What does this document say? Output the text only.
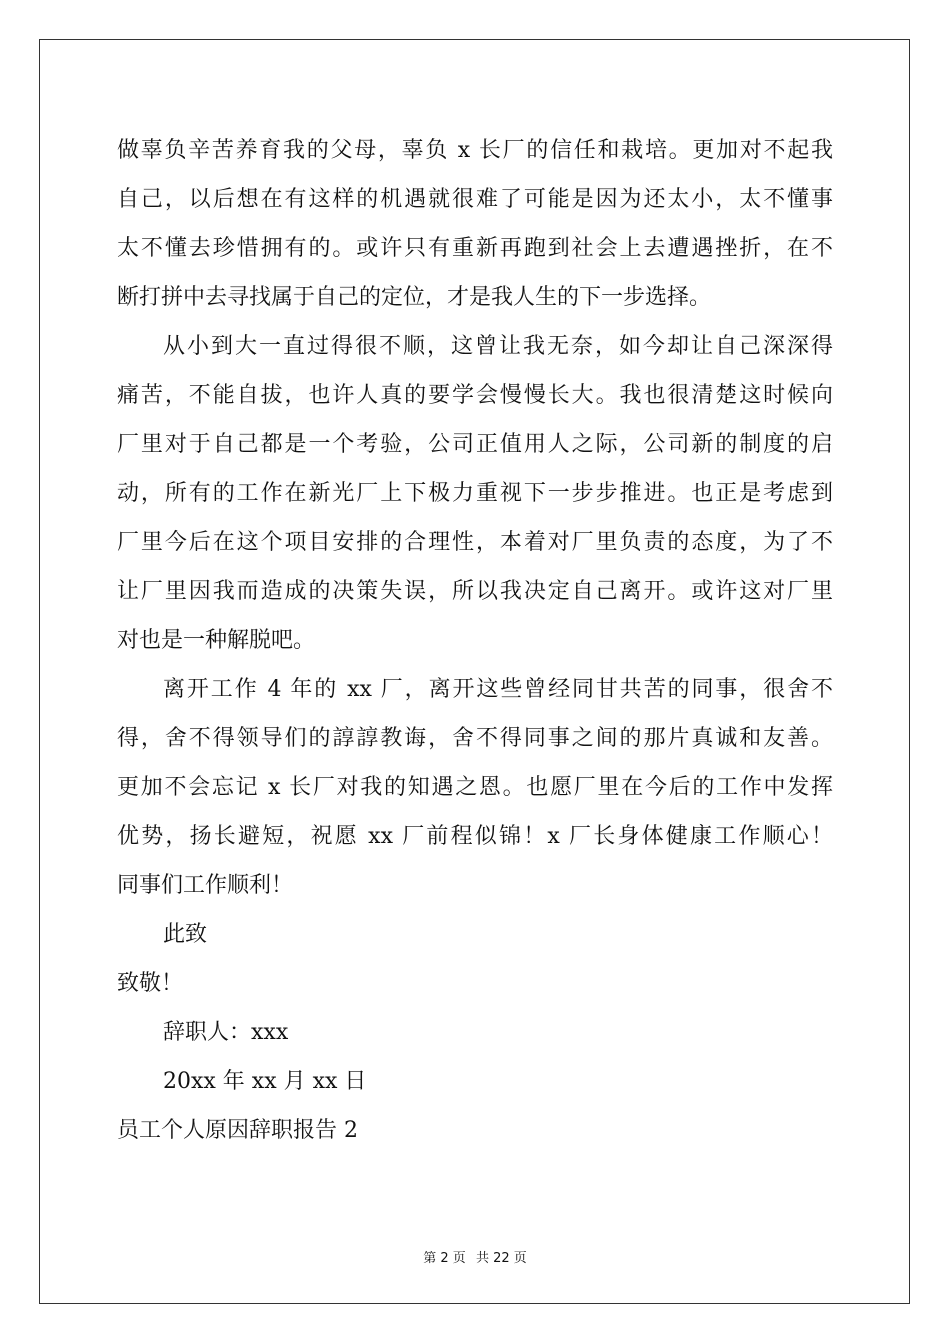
做辜负辛苦养育我的父母，辜负 x 长厂的信任和栽培。更加对不起我
自己，以后想在有这样的机遇就很难了可能是因为还太小，太不懂事
太不懂去珍惜拥有的。或许只有重新再跑到社会上去遭遇挫折，在不
断打拼中去寻找属于自己的定位，才是我人生的下一步选择。
从小到大一直过得很不顺，这曾让我无奈，如今却让自己深深得
痛苦，不能自拔，也许人真的要学会慢慢长大。我也很清楚这时候向
厂里对于自己都是一个考验，公司正值用人之际，公司新的制度的启
动，所有的工作在新光厂上下极力重视下一步步推进。也正是考虑到
厂里今后在这个项目安排的合理性，本着对厂里负责的态度，为了不
让厂里因我而造成的决策失误，所以我决定自己离开。或许这对厂里
对也是一种解脱吧。
离开工作 4 年的 xx 厂，离开这些曾经同甘共苦的同事，很舍不
得，舍不得领导们的諄諄教诲，舍不得同事之间的那片真诚和友善。
更加不会忘记 x 长厂对我的知遇之恩。也愿厂里在今后的工作中发挥
优势，扬长避短，祝愿 xx 厂前程似锦！x 厂长身体健康工作顺心！
同事们工作顺利！
此致
致敬！
辞职人：xxx
20xx 年 xx 月 xx 日
员工个人原因辞职报告 2
第 2 页 共 22 页
